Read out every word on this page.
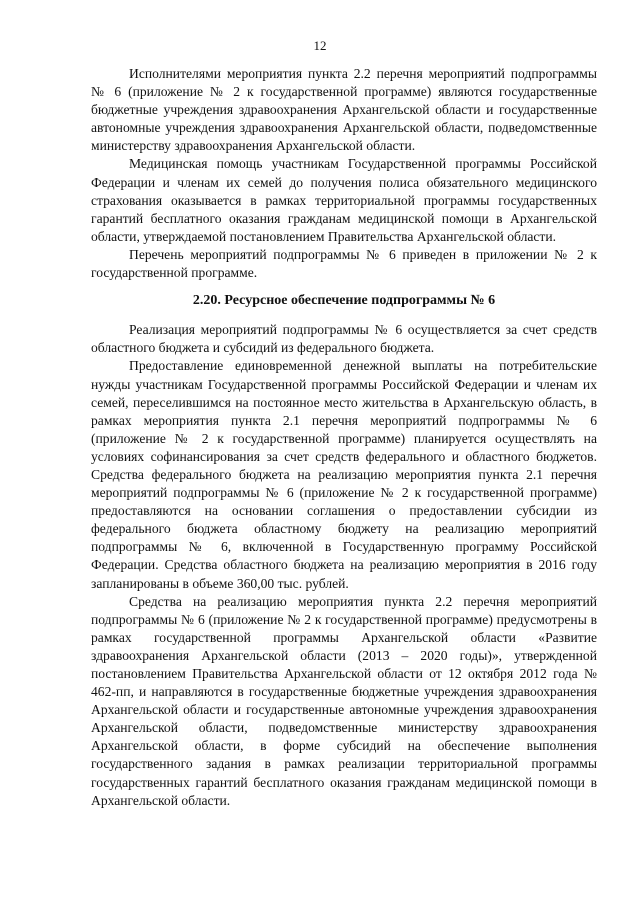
12

Исполнителями мероприятия пункта 2.2 перечня мероприятий подпрограммы № 6 (приложение № 2 к государственной программе) являются государственные бюджетные учреждения здравоохранения Архангельской области и государственные автономные учреждения здравоохранения Архангельской области, подведомственные министерству здравоохранения Архангельской области.

Медицинская помощь участникам Государственной программы Российской Федерации и членам их семей до получения полиса обязательного медицинского страхования оказывается в рамках территориальной программы государственных гарантий бесплатного оказания гражданам медицинской помощи в Архангельской области, утверждаемой постановлением Правительства Архангельской области.

Перечень мероприятий подпрограммы № 6 приведен в приложении № 2 к государственной программе.

2.20. Ресурсное обеспечение подпрограммы № 6

Реализация мероприятий подпрограммы № 6 осуществляется за счет средств областного бюджета и субсидий из федерального бюджета.

Предоставление единовременной денежной выплаты на потребительские нужды участникам Государственной программы Российской Федерации и членам их семей, переселившимся на постоянное место жительства в Архангельскую область, в рамках мероприятия пункта 2.1 перечня мероприятий подпрограммы № 6 (приложение № 2 к государственной программе) планируется осуществлять на условиях софинансирования за счет средств федерального и областного бюджетов. Средства федерального бюджета на реализацию мероприятия пункта 2.1 перечня мероприятий подпрограммы № 6 (приложение № 2 к государственной программе) предоставляются на основании соглашения о предоставлении субсидии из федерального бюджета областному бюджету на реализацию мероприятий подпрограммы № 6, включенной в Государственную программу Российской Федерации. Средства областного бюджета на реализацию мероприятия в 2016 году запланированы в объеме 360,00 тыс. рублей.

Средства на реализацию мероприятия пункта 2.2 перечня мероприятий подпрограммы № 6 (приложение № 2 к государственной программе) предусмотрены в рамках государственной программы Архангельской области «Развитие здравоохранения Архангельской области (2013 – 2020 годы)», утвержденной постановлением Правительства Архангельской области от 12 октября 2012 года № 462-пп, и направляются в государственные бюджетные учреждения здравоохранения Архангельской области и государственные автономные учреждения здравоохранения Архангельской области, подведомственные министерству здравоохранения Архангельской области, в форме субсидий на обеспечение выполнения государственного задания в рамках реализации территориальной программы государственных гарантий бесплатного оказания гражданам медицинской помощи в Архангельской области.
